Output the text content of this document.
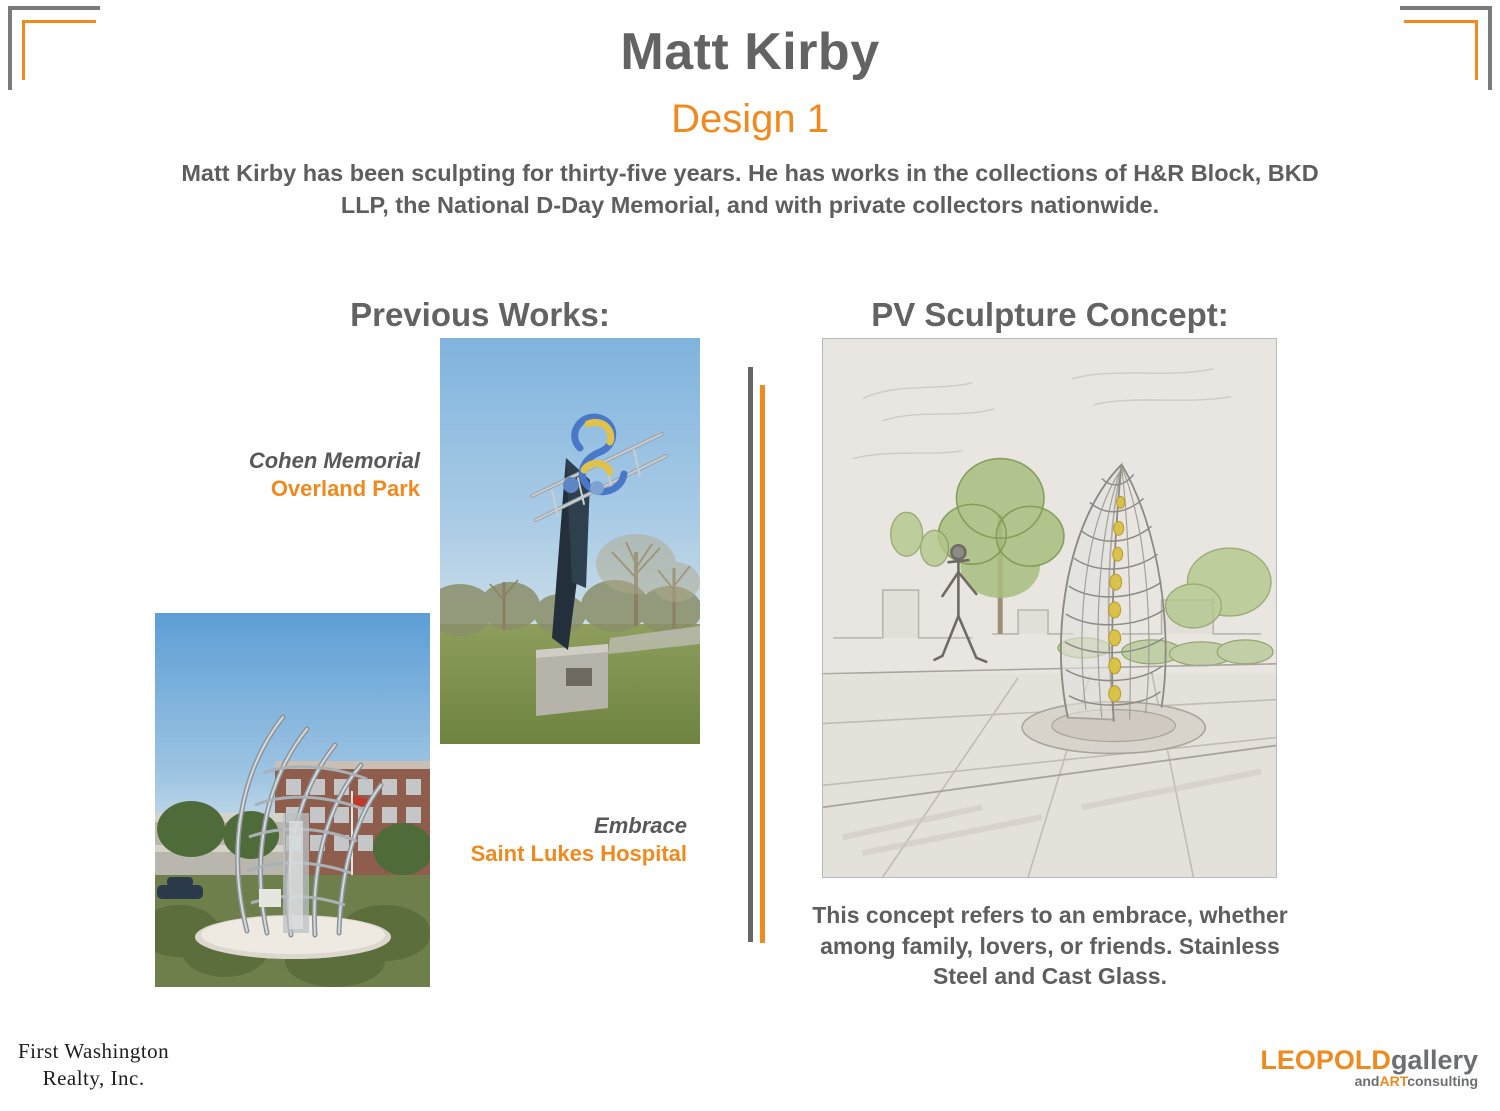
Matt Kirby
Design 1
Matt Kirby has been sculpting for thirty-five years. He has works in the collections of H&R Block, BKD LLP, the National D-Day Memorial, and with private collectors nationwide.
Previous Works:	PV Sculpture Concept:
Cohen Memorial
Overland Park
Embrace
Saint Lukes Hospital
This concept refers to an embrace, whether among family, lovers, or friends. Stainless Steel and Cast Glass.
First Washington
Realty, Inc.
LEOPOLDgallery
andARTconsulting
